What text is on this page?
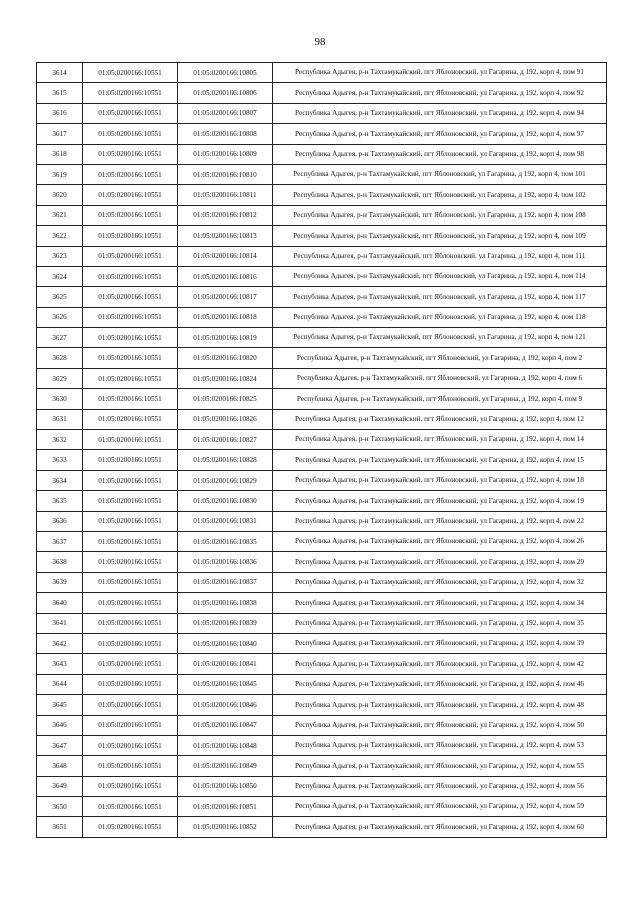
98
3614	01:05:0200166:10551	01:05:0200166:10805	Республика Адыгея, р-н Тахтамукайский, пгт Яблоновский, ул Гагарина, д 192, корп 4, пом 91
3615	01:05:0200166:10551	01:05:0200166:10806	Республика Адыгея, р-н Тахтамукайский, пгт Яблоновский, ул Гагарина, д 192, корп 4, пом 92
3616	01:05:0200166:10551	01:05:0200166:10807	Республика Адыгея, р-н Тахтамукайский, пгт Яблоновский, ул Гагарина, д 192, корп 4, пом 94
3617	01:05:0200166:10551	01:05:0200166:10808	Республика Адыгея, р-н Тахтамукайский, пгт Яблоновский, ул Гагарина, д 192, корп 4, пом 97
3618	01:05:0200166:10551	01:05:0200166:10809	Республика Адыгея, р-н Тахтамукайский, пгт Яблоновский, ул Гагарина, д 192, корп 4, пом 98
3619	01:05:0200166:10551	01:05:0200166:10810	Республика Адыгея, р-н Тахтамукайский, пгт Яблоновский, ул Гагарина, д 192, корп 4, пом 101
3620	01:05:0200166:10551	01:05:0200166:10811	Республика Адыгея, р-н Тахтамукайский, пгт Яблоновский, ул Гагарина, д 192, корп 4, пом 102
3621	01:05:0200166:10551	01:05:0200166:10812	Республика Адыгея, р-н Тахтамукайский, пгт Яблоновский, ул Гагарина, д 192, корп 4, пом 108
3622	01:05:0200166:10551	01:05:0200166:10813	Республика Адыгея, р-н Тахтамукайский, пгт Яблоновский, ул Гагарина, д 192, корп 4, пом 109
3623	01:05:0200166:10551	01:05:0200166:10814	Республика Адыгея, р-н Тахтамукайский, пгт Яблоновский, ул Гагарина, д 192, корп 4, пом 111
3624	01:05:0200166:10551	01:05:0200166:10816	Республика Адыгея, р-н Тахтамукайский, пгт Яблоновский, ул Гагарина, д 192, корп 4, пом 114
3625	01:05:0200166:10551	01:05:0200166:10817	Республика Адыгея, р-н Тахтамукайский, пгт Яблоновский, ул Гагарина, д 192, корп 4, пом 117
3626	01:05:0200166:10551	01:05:0200166:10818	Республика Адыгея, р-н Тахтамукайский, пгт Яблоновский, ул Гагарина, д 192, корп 4, пом 118
3627	01:05:0200166:10551	01:05:0200166:10819	Республика Адыгея, р-н Тахтамукайский, пгт Яблоновский, ул Гагарина, д 192, корп 4, пом 121
3628	01:05:0200166:10551	01:05:0200166:10820	Республика Адыгея, р-н Тахтамукайский, пгт Яблоновский, ул Гагарина, д 192, корп 4, пом 2
3629	01:05:0200166:10551	01:05:0200166:10824	Республика Адыгея, р-н Тахтамукайский, пгт Яблоновский, ул Гагарина, д 192, корп 4, пом 6
3630	01:05:0200166:10551	01:05:0200166:10825	Республика Адыгея, р-н Тахтамукайский, пгт Яблоновский, ул Гагарина, д 192, корп 4, пом 9
3631	01:05:0200166:10551	01:05:0200166:10826	Республика Адыгея, р-н Тахтамукайский, пгт Яблоновский, ул Гагарина, д 192, корп 4, пом 12
3632	01:05:0200166:10551	01:05:0200166:10827	Республика Адыгея, р-н Тахтамукайский, пгт Яблоновский, ул Гагарина, д 192, корп 4, пом 14
3633	01:05:0200166:10551	01:05:0200166:10828	Республика Адыгея, р-н Тахтамукайский, пгт Яблоновский, ул Гагарина, д 192, корп 4, пом 15
3634	01:05:0200166:10551	01:05:0200166:10829	Республика Адыгея, р-н Тахтамукайский, пгт Яблоновский, ул Гагарина, д 192, корп 4, пом 18
3635	01:05:0200166:10551	01:05:0200166:10830	Республика Адыгея, р-н Тахтамукайский, пгт Яблоновский, ул Гагарина, д 192, корп 4, пом 19
3636	01:05:0200166:10551	01:05:0200166:10831	Республика Адыгея, р-н Тахтамукайский, пгт Яблоновский, ул Гагарина, д 192, корп 4, пом 22
3637	01:05:0200166:10551	01:05:0200166:10835	Республика Адыгея, р-н Тахтамукайский, пгт Яблоновский, ул Гагарина, д 192, корп 4, пом 26
3638	01:05:0200166:10551	01:05:0200166:10836	Республика Адыгея, р-н Тахтамукайский, пгт Яблоновский, ул Гагарина, д 192, корп 4, пом 29
3639	01:05:0200166:10551	01:05:0200166:10837	Республика Адыгея, р-н Тахтамукайский, пгт Яблоновский, ул Гагарина, д 192, корп 4, пом 32
3640	01:05:0200166:10551	01:05:0200166:10838	Республика Адыгея, р-н Тахтамукайский, пгт Яблоновский, ул Гагарина, д 192, корп 4, пом 34
3641	01:05:0200166:10551	01:05:0200166:10839	Республика Адыгея, р-н Тахтамукайский, пгт Яблоновский, ул Гагарина, д 192, корп 4, пом 35
3642	01:05:0200166:10551	01:05:0200166:10840	Республика Адыгея, р-н Тахтамукайский, пгт Яблоновский, ул Гагарина, д 192, корп 4, пом 39
3643	01:05:0200166:10551	01:05:0200166:10841	Республика Адыгея, р-н Тахтамукайский, пгт Яблоновский, ул Гагарина, д 192, корп 4, пом 42
3644	01:05:0200166:10551	01:05:0200166:10845	Республика Адыгея, р-н Тахтамукайский, пгт Яблоновский, ул Гагарина, д 192, корп 4, пом 46
3645	01:05:0200166:10551	01:05:0200166:10846	Республика Адыгея, р-н Тахтамукайский, пгт Яблоновский, ул Гагарина, д 192, корп 4, пом 48
3646	01:05:0200166:10551	01:05:0200166:10847	Республика Адыгея, р-н Тахтамукайский, пгт Яблоновский, ул Гагарина, д 192, корп 4, пом 50
3647	01:05:0200166:10551	01:05:0200166:10848	Республика Адыгея, р-н Тахтамукайский, пгт Яблоновский, ул Гагарина, д 192, корп 4, пом 53
3648	01:05:0200166:10551	01:05:0200166:10849	Республика Адыгея, р-н Тахтамукайский, пгт Яблоновский, ул Гагарина, д 192, корп 4, пом 55
3649	01:05:0200166:10551	01:05:0200166:10850	Республика Адыгея, р-н Тахтамукайский, пгт Яблоновский, ул Гагарина, д 192, корп 4, пом 56
3650	01:05:0200166:10551	01:05:0200166:10851	Республика Адыгея, р-н Тахтамукайский, пгт Яблоновский, ул Гагарина, д 192, корп 4, пом 59
3651	01:05:0200166:10551	01:05:0200166:10852	Республика Адыгея, р-н Тахтамукайский, пгт Яблоновский, ул Гагарина, д 192, корп 4, пом 60
